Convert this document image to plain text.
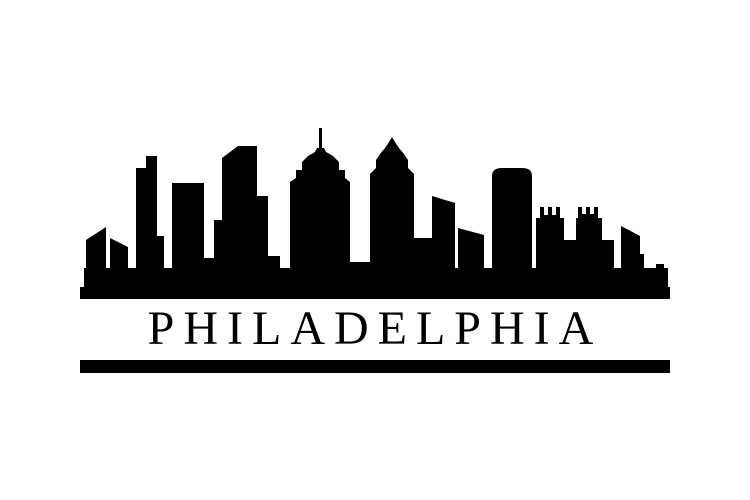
PHILADELPHIA
